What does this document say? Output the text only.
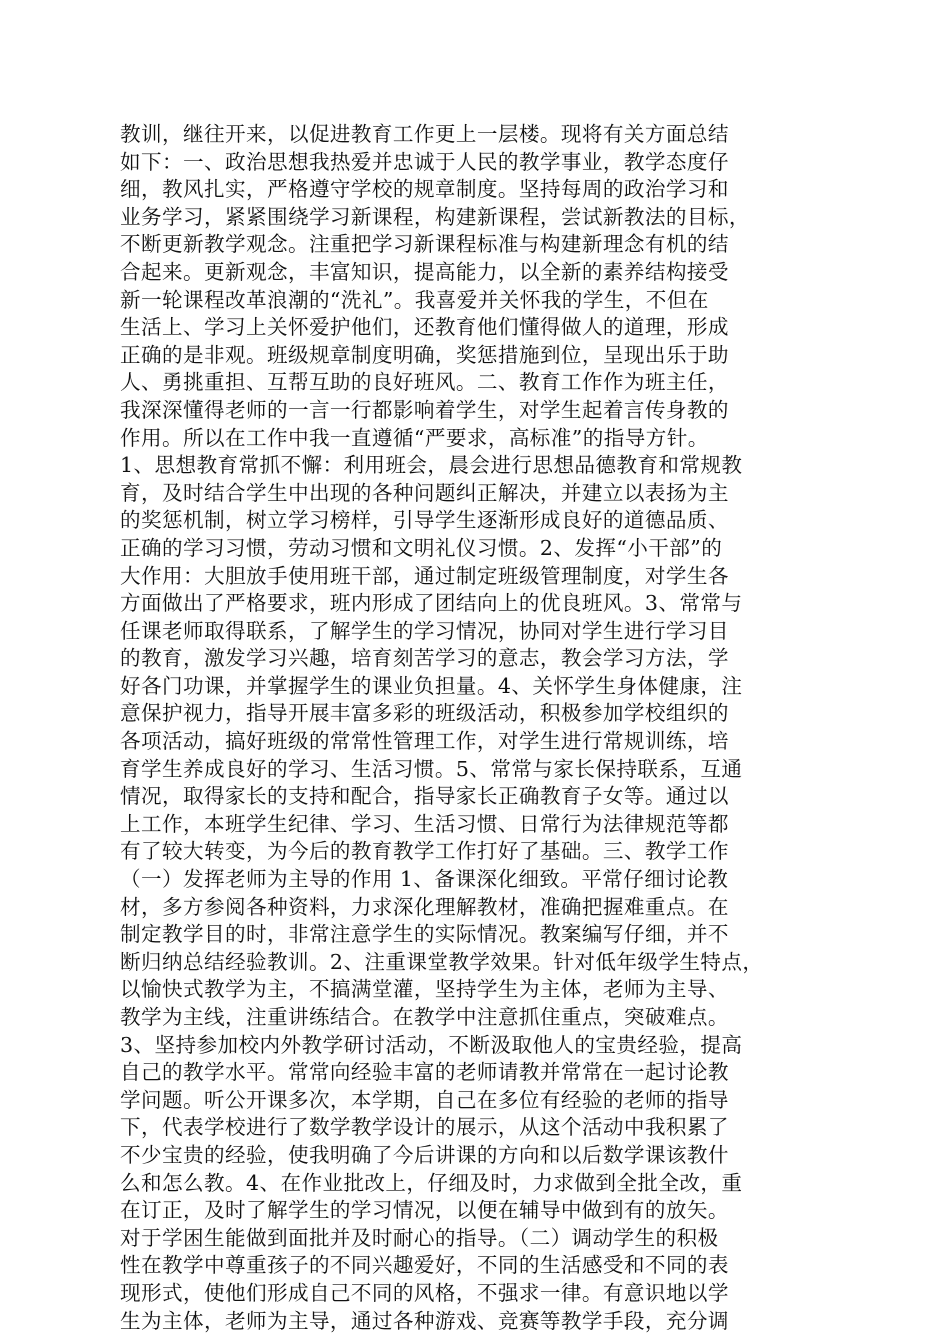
教训，继往开来，以促进教育工作更上一层楼。现将有关方面总结
如下：一、政治思想我热爱并忠诚于人民的教学事业，教学态度仔
细，教风扎实，严格遵守学校的规章制度。坚持每周的政治学习和
业务学习，紧紧围绕学习新课程，构建新课程，尝试新教法的目标，
不断更新教学观念。注重把学习新课程标准与构建新理念有机的结
合起来。更新观念，丰富知识，提高能力，以全新的素养结构接受
新一轮课程改革浪潮的“洗礼”。我喜爱并关怀我的学生，不但在
生活上、学习上关怀爱护他们，还教育他们懂得做人的道理，形成
正确的是非观。班级规章制度明确，奖惩措施到位，呈现出乐于助
人、勇挑重担、互帮互助的良好班风。二、教育工作作为班主任，
我深深懂得老师的一言一行都影响着学生，对学生起着言传身教的
作用。所以在工作中我一直遵循“严要求，高标准”的指导方针。
1、思想教育常抓不懈：利用班会，晨会进行思想品德教育和常规教
育，及时结合学生中出现的各种问题纠正解决，并建立以表扬为主
的奖惩机制，树立学习榜样，引导学生逐渐形成良好的道德品质、
正确的学习习惯，劳动习惯和文明礼仪习惯。2、发挥“小干部”的
大作用：大胆放手使用班干部，通过制定班级管理制度，对学生各
方面做出了严格要求，班内形成了团结向上的优良班风。3、常常与
任课老师取得联系，了解学生的学习情况，协同对学生进行学习目
的教育，激发学习兴趣，培育刻苦学习的意志，教会学习方法，学
好各门功课，并掌握学生的课业负担量。4、关怀学生身体健康，注
意保护视力，指导开展丰富多彩的班级活动，积极参加学校组织的
各项活动，搞好班级的常常性管理工作，对学生进行常规训练，培
育学生养成良好的学习、生活习惯。5、常常与家长保持联系，互通
情况，取得家长的支持和配合，指导家长正确教育子女等。通过以
上工作，本班学生纪律、学习、生活习惯、日常行为法律规范等都
有了较大转变，为今后的教育教学工作打好了基础。三、教学工作
（一）发挥老师为主导的作用 1、备课深化细致。平常仔细讨论教
材，多方参阅各种资料，力求深化理解教材，准确把握难重点。在
制定教学目的时，非常注意学生的实际情况。教案编写仔细，并不
断归纳总结经验教训。2、注重课堂教学效果。针对低年级学生特点，
以愉快式教学为主，不搞满堂灌，坚持学生为主体，老师为主导、
教学为主线，注重讲练结合。在教学中注意抓住重点，突破难点。
3、坚持参加校内外教学研讨活动，不断汲取他人的宝贵经验，提高
自己的教学水平。常常向经验丰富的老师请教并常常在一起讨论教
学问题。听公开课多次，本学期，自己在多位有经验的老师的指导
下，代表学校进行了数学教学设计的展示，从这个活动中我积累了
不少宝贵的经验，使我明确了今后讲课的方向和以后数学课该教什
么和怎么教。4、在作业批改上，仔细及时，力求做到全批全改，重
在订正，及时了解学生的学习情况，以便在辅导中做到有的放矢。
对于学困生能做到面批并及时耐心的指导。（二）调动学生的积极
性在教学中尊重孩子的不同兴趣爱好，不同的生活感受和不同的表
现形式，使他们形成自己不同的风格，不强求一律。有意识地以学
生为主体，老师为主导，通过各种游戏、竞赛等教学手段，充分调
